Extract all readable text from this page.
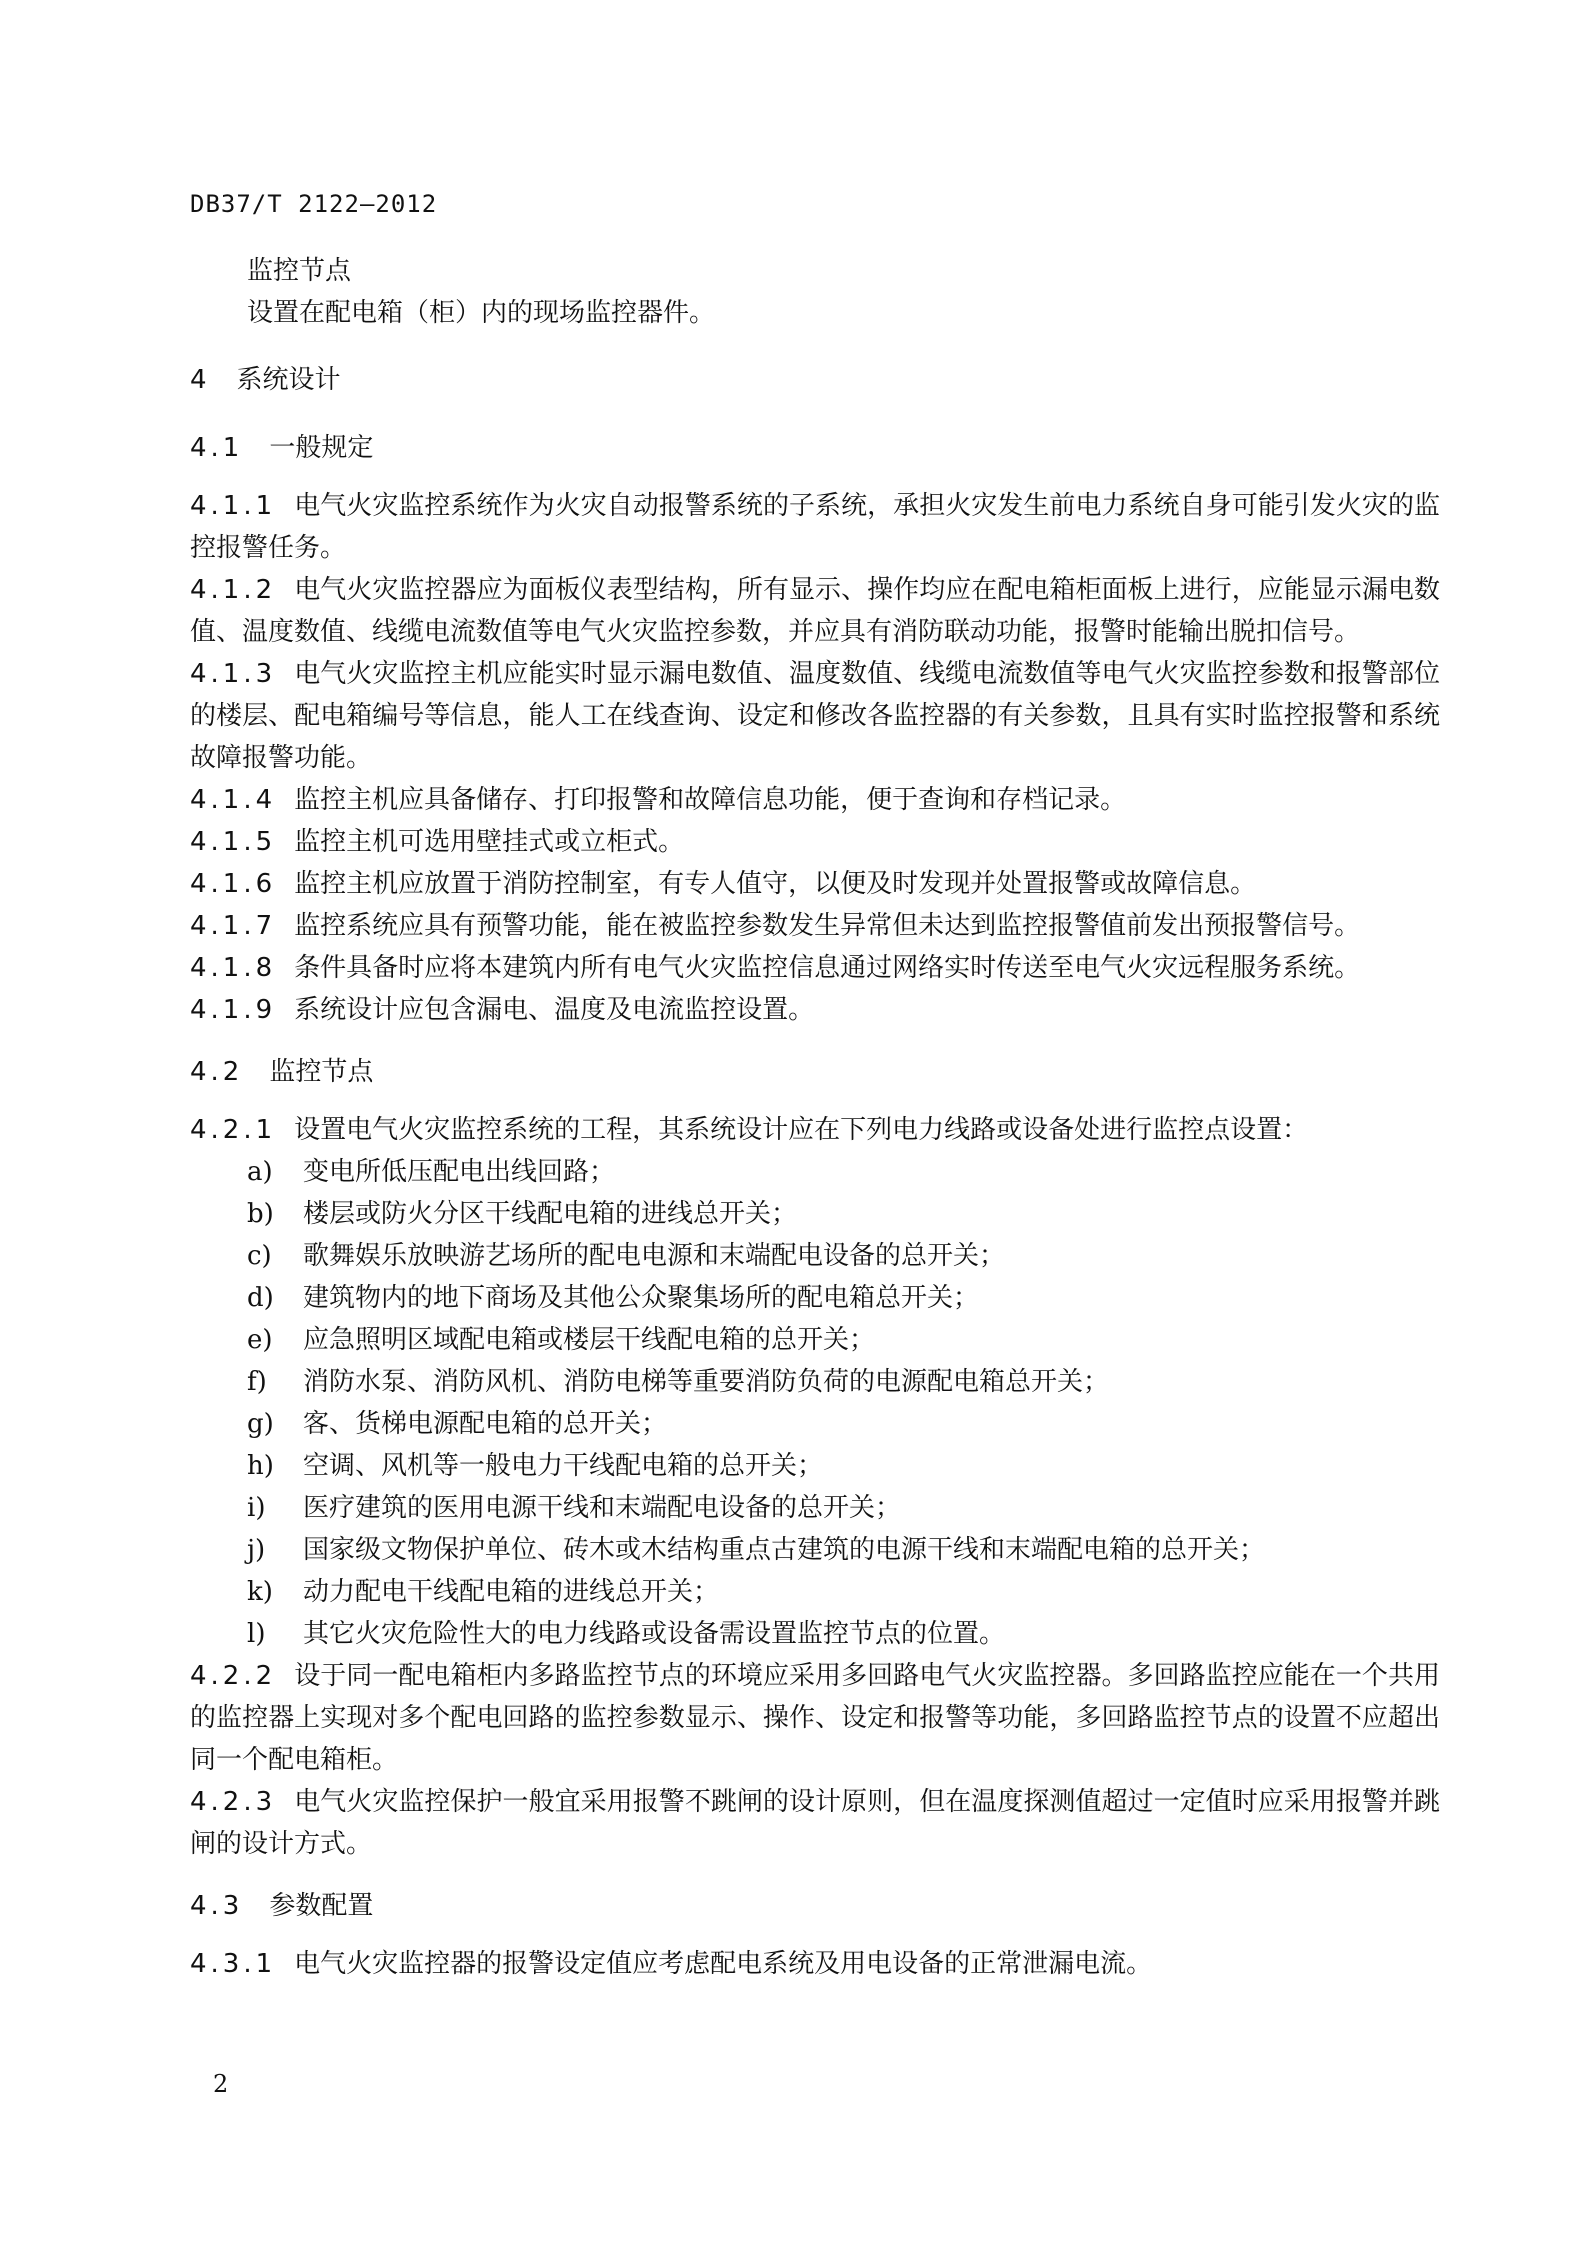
DB37/T 2122—2012
监控节点
设置在配电箱（柜）内的现场监控器件。
4 系统设计
4.1 一般规定
4.1.1 电气火灾监控系统作为火灾自动报警系统的子系统，承担火灾发生前电力系统自身可能引发火灾的监控报警任务。
4.1.2 电气火灾监控器应为面板仪表型结构，所有显示、操作均应在配电箱柜面板上进行，应能显示漏电数值、温度数值、线缆电流数值等电气火灾监控参数，并应具有消防联动功能，报警时能输出脱扣信号。
4.1.3 电气火灾监控主机应能实时显示漏电数值、温度数值、线缆电流数值等电气火灾监控参数和报警部位的楼层、配电箱编号等信息，能人工在线查询、设定和修改各监控器的有关参数，且具有实时监控报警和系统故障报警功能。
4.1.4 监控主机应具备储存、打印报警和故障信息功能，便于查询和存档记录。
4.1.5 监控主机可选用壁挂式或立柜式。
4.1.6 监控主机应放置于消防控制室，有专人值守，以便及时发现并处置报警或故障信息。
4.1.7 监控系统应具有预警功能，能在被监控参数发生异常但未达到监控报警值前发出预报警信号。
4.1.8 条件具备时应将本建筑内所有电气火灾监控信息通过网络实时传送至电气火灾远程服务系统。
4.1.9 系统设计应包含漏电、温度及电流监控设置。
4.2 监控节点
4.2.1 设置电气火灾监控系统的工程，其系统设计应在下列电力线路或设备处进行监控点设置：
a) 变电所低压配电出线回路；
b) 楼层或防火分区干线配电箱的进线总开关；
c) 歌舞娱乐放映游艺场所的配电电源和末端配电设备的总开关；
d) 建筑物内的地下商场及其他公众聚集场所的配电箱总开关；
e) 应急照明区域配电箱或楼层干线配电箱的总开关；
f) 消防水泵、消防风机、消防电梯等重要消防负荷的电源配电箱总开关；
g) 客、货梯电源配电箱的总开关；
h) 空调、风机等一般电力干线配电箱的总开关；
i) 医疗建筑的医用电源干线和末端配电设备的总开关；
j) 国家级文物保护单位、砖木或木结构重点古建筑的电源干线和末端配电箱的总开关；
k) 动力配电干线配电箱的进线总开关；
l) 其它火灾危险性大的电力线路或设备需设置监控节点的位置。
4.2.2 设于同一配电箱柜内多路监控节点的环境应采用多回路电气火灾监控器。多回路监控应能在一个共用的监控器上实现对多个配电回路的监控参数显示、操作、设定和报警等功能，多回路监控节点的设置不应超出同一个配电箱柜。
4.2.3 电气火灾监控保护一般宜采用报警不跳闸的设计原则，但在温度探测值超过一定值时应采用报警并跳闸的设计方式。
4.3 参数配置
4.3.1 电气火灾监控器的报警设定值应考虑配电系统及用电设备的正常泄漏电流。
2
